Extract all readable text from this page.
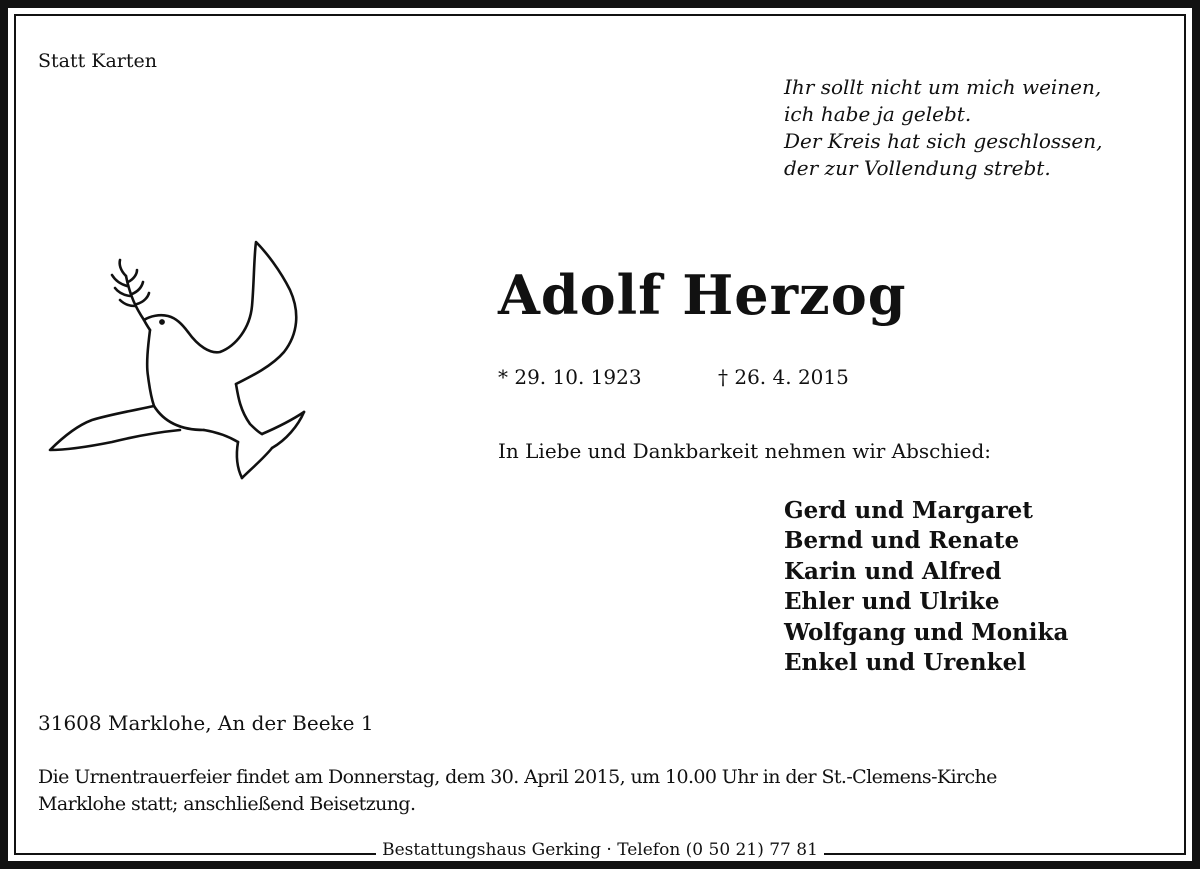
Statt Karten
Ihr sollt nicht um mich weinen,
ich habe ja gelebt.
Der Kreis hat sich geschlossen,
der zur Vollendung strebt.
Adolf Herzog
* 29. 10. 1923	† 26. 4. 2015
In Liebe und Dankbarkeit nehmen wir Abschied:
Gerd und Margaret
Bernd und Renate
Karin und Alfred
Ehler und Ulrike
Wolfgang und Monika
Enkel und Urenkel
31608 Marklohe, An der Beeke 1
Die Urnentrauerfeier findet am Donnerstag, dem 30. April 2015, um 10.00 Uhr in der St.-Clemens-Kirche
Marklohe statt; anschließend Beisetzung.
Bestattungshaus Gerking · Telefon (0 50 21) 77 81
